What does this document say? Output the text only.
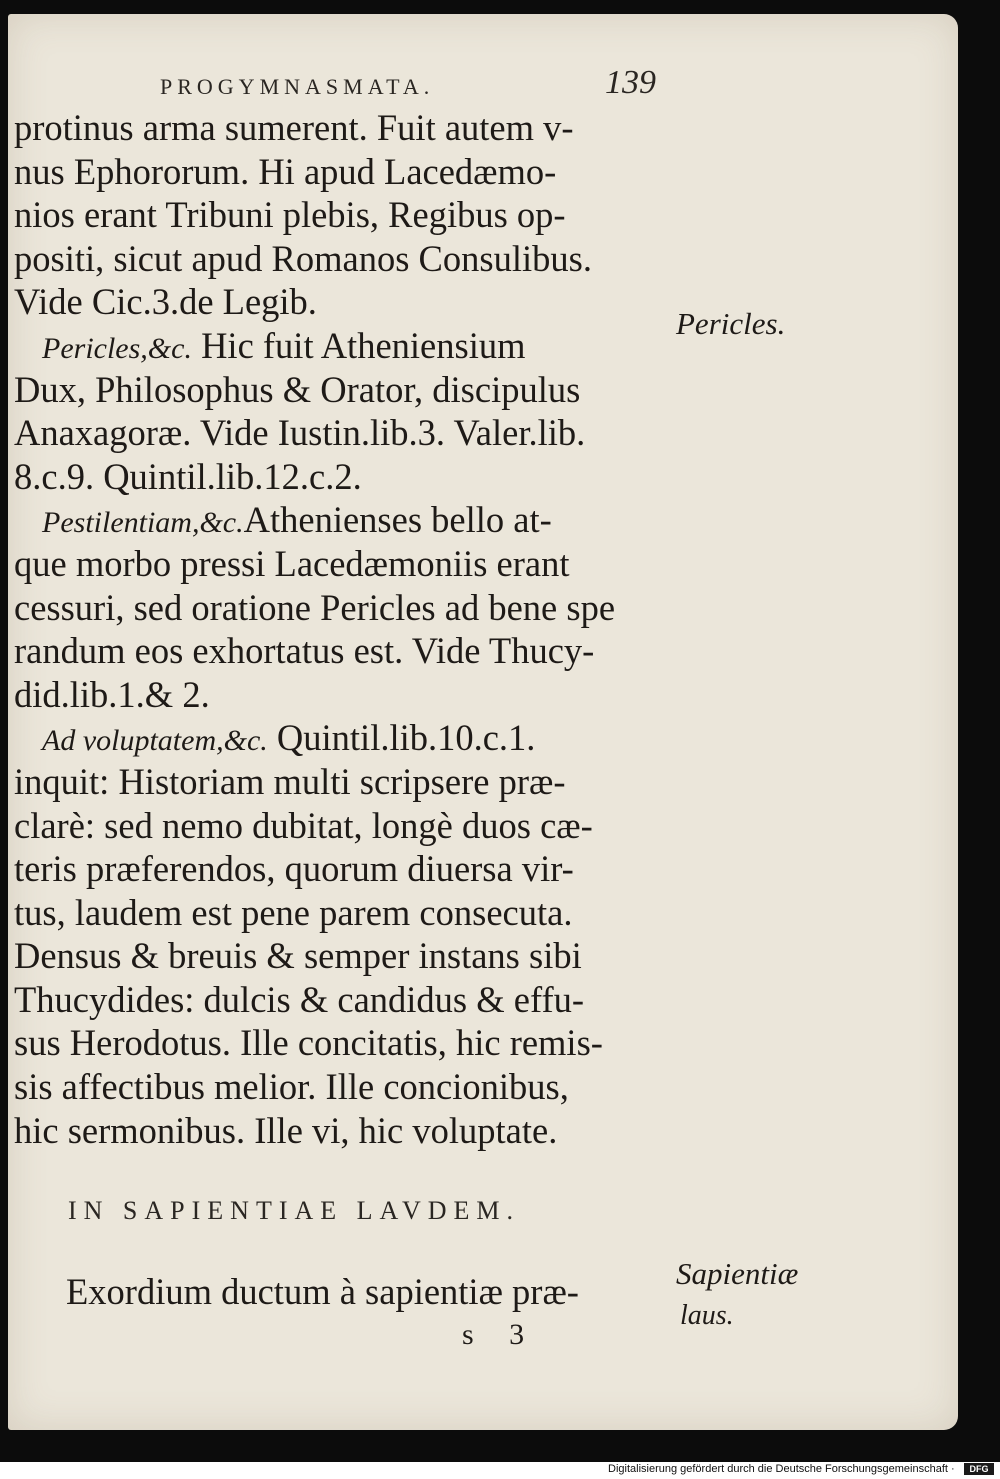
PROGYMNASMATA.	139
protinus arma sumerent. Fuit autem v-
nus Ephororum. Hi apud Lacedæmo-
nios erant Tribuni plebis, Regibus op-
positi, sicut apud Romanos Consulibus.
Vide Cic.3.de Legib.
Pericles,&c. Hic fuit Atheniensium
Dux, Philosophus & Orator, discipulus
Anaxagoræ. Vide Iustin.lib.3. Valer.lib.
8.c.9. Quintil.lib.12.c.2.
Pestilentiam,&c.Athenienses bello at-
que morbo pressi Lacedæmoniis erant
cessuri, sed oratione Pericles ad bene spe
randum eos exhortatus est. Vide Thucy-
did.lib.1.& 2.
Ad voluptatem,&c. Quintil.lib.10.c.1.
inquit: Historiam multi scripsere præ-
clarè: sed nemo dubitat, longè duos cæ-
teris præferendos, quorum diuersa vir-
tus, laudem est pene parem consecuta.
Densus & breuis & semper instans sibi
Thucydides: dulcis & candidus & effu-
sus Herodotus. Ille concitatis, hic remis-
sis affectibus melior. Ille concionibus,
hic sermonibus. Ille vi, hic voluptate.
Pericles.
IN SAPIENTIAE LAVDEM.
Exordium ductum à sapientiæ præ-	Sapientiæ
laus.
s 3
Digitalisierung gefördert durch die Deutsche Forschungsgemeinschaft ·	DFG
